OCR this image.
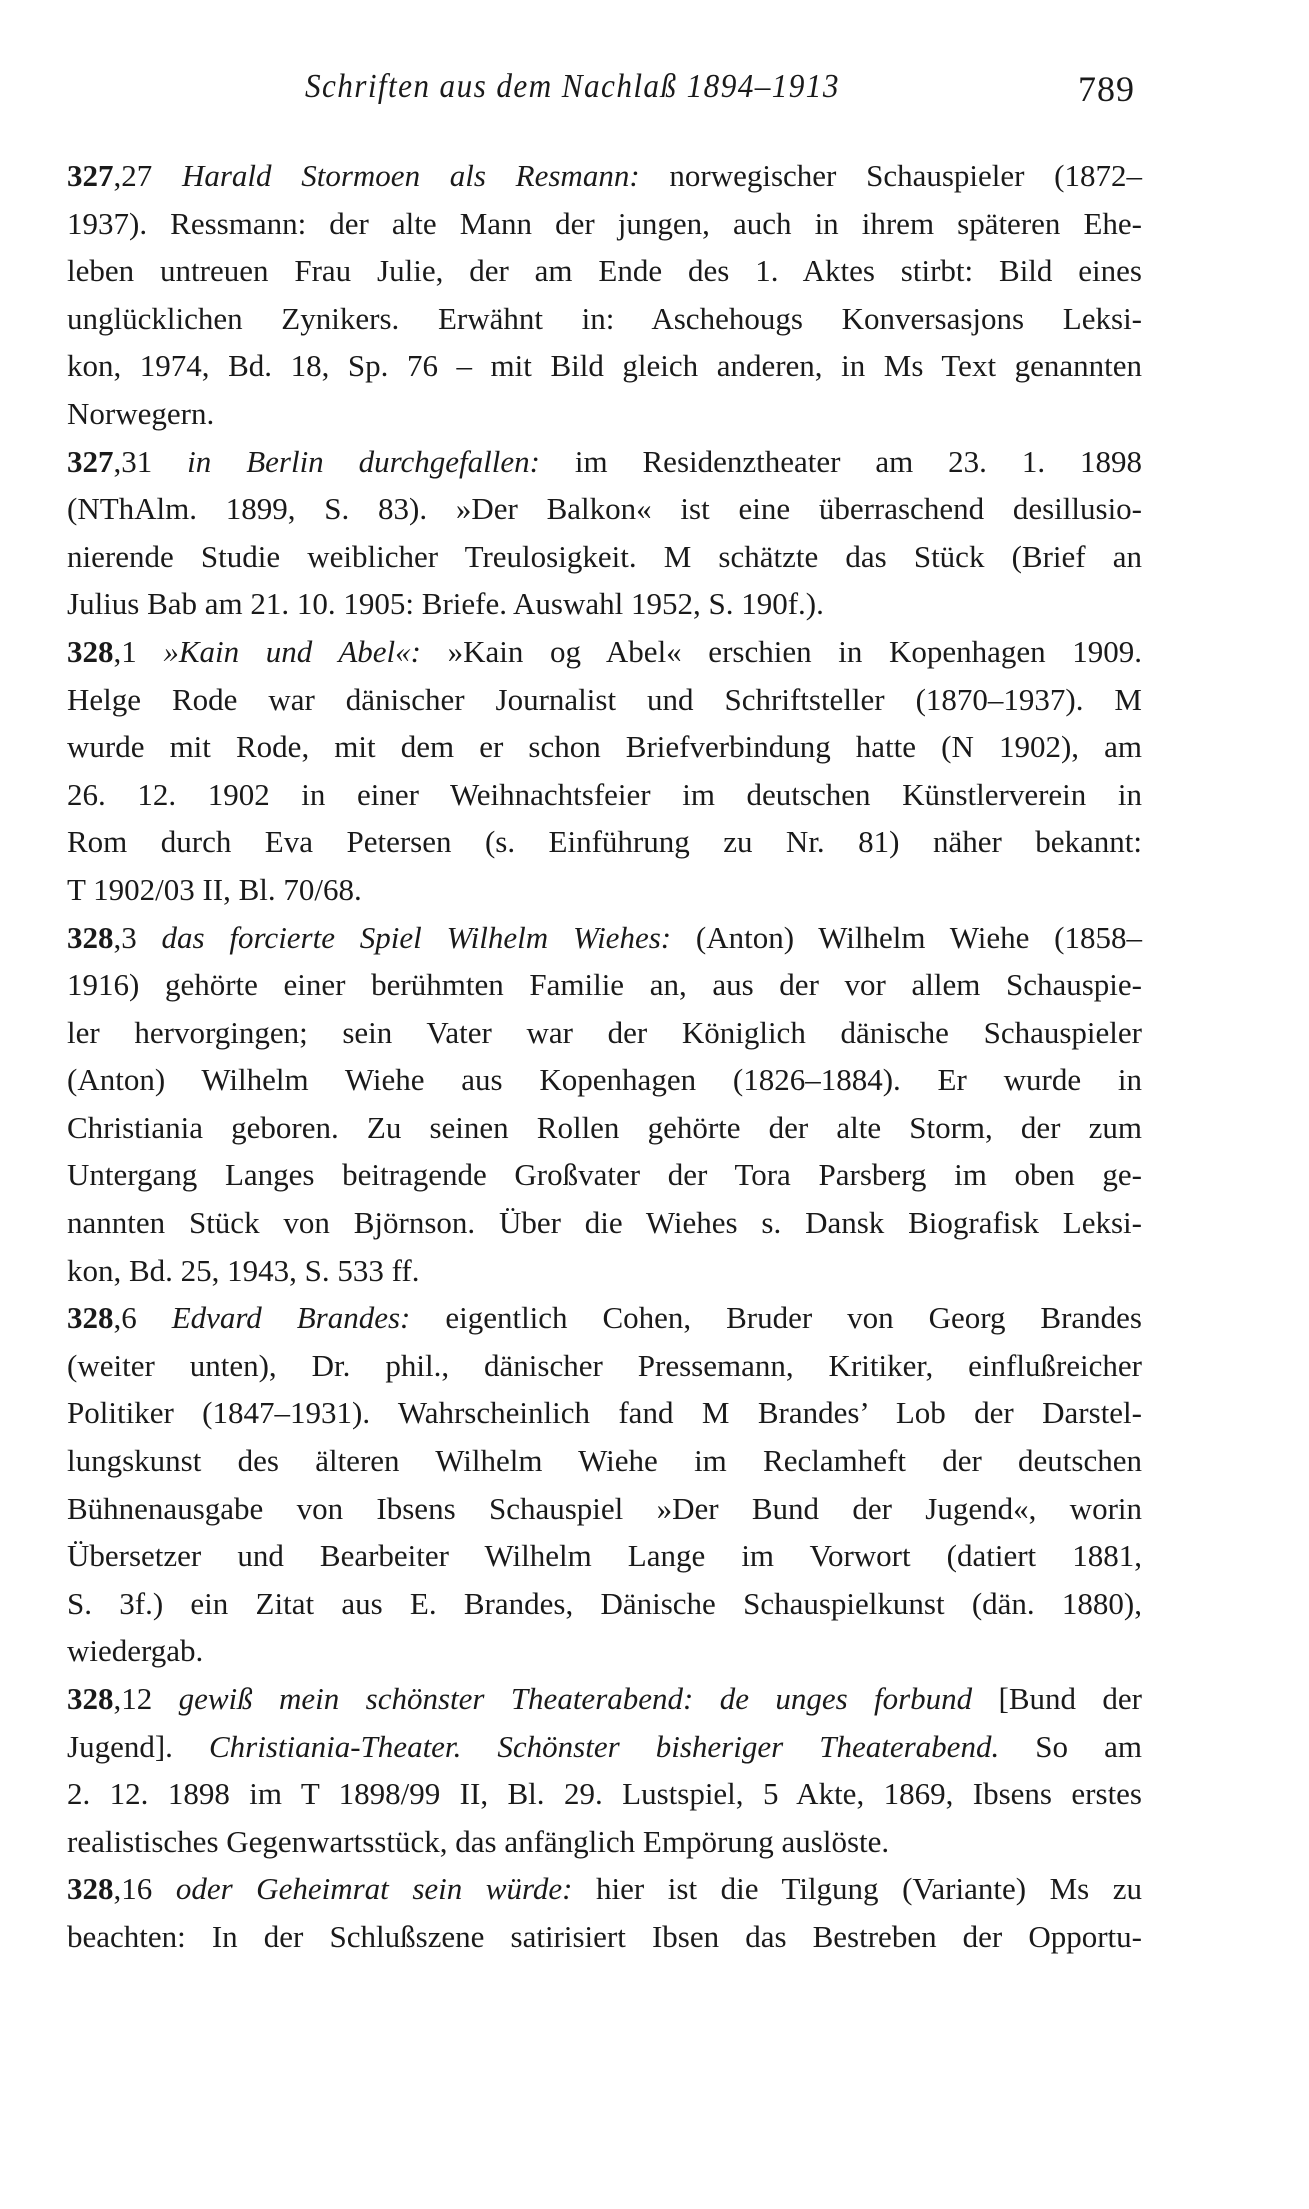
Schriften aus dem Nachlaß 1894–1913	789
327,27 Harald Stormoen als Resmann: norwegischer Schauspieler (1872–
1937). Ressmann: der alte Mann der jungen, auch in ihrem späteren Ehe-
leben untreuen Frau Julie, der am Ende des 1. Aktes stirbt: Bild eines
unglücklichen Zynikers. Erwähnt in: Aschehougs Konversasjons Leksi-
kon, 1974, Bd. 18, Sp. 76 – mit Bild gleich anderen, in Ms Text genannten
Norwegern.
327,31 in Berlin durchgefallen: im Residenztheater am 23. 1. 1898
(NThAlm. 1899, S. 83). »Der Balkon« ist eine überraschend desillusio-
nierende Studie weiblicher Treulosigkeit. M schätzte das Stück (Brief an
Julius Bab am 21. 10. 1905: Briefe. Auswahl 1952, S. 190f.).
328,1 »Kain und Abel«: »Kain og Abel« erschien in Kopenhagen 1909.
Helge Rode war dänischer Journalist und Schriftsteller (1870–1937). M
wurde mit Rode, mit dem er schon Briefverbindung hatte (N 1902), am
26. 12. 1902 in einer Weihnachtsfeier im deutschen Künstlerverein in
Rom durch Eva Petersen (s. Einführung zu Nr. 81) näher bekannt:
T 1902/03 II, Bl. 70/68.
328,3 das forcierte Spiel Wilhelm Wiehes: (Anton) Wilhelm Wiehe (1858–
1916) gehörte einer berühmten Familie an, aus der vor allem Schauspie-
ler hervorgingen; sein Vater war der Königlich dänische Schauspieler
(Anton) Wilhelm Wiehe aus Kopenhagen (1826–1884). Er wurde in
Christiania geboren. Zu seinen Rollen gehörte der alte Storm, der zum
Untergang Langes beitragende Großvater der Tora Parsberg im oben ge-
nannten Stück von Björnson. Über die Wiehes s. Dansk Biografisk Leksi-
kon, Bd. 25, 1943, S. 533 ff.
328,6 Edvard Brandes: eigentlich Cohen, Bruder von Georg Brandes
(weiter unten), Dr. phil., dänischer Pressemann, Kritiker, einflußreicher
Politiker (1847–1931). Wahrscheinlich fand M Brandes’ Lob der Darstel-
lungskunst des älteren Wilhelm Wiehe im Reclamheft der deutschen
Bühnenausgabe von Ibsens Schauspiel »Der Bund der Jugend«, worin
Übersetzer und Bearbeiter Wilhelm Lange im Vorwort (datiert 1881,
S. 3f.) ein Zitat aus E. Brandes, Dänische Schauspielkunst (dän. 1880),
wiedergab.
328,12 gewiß mein schönster Theaterabend: de unges forbund [Bund der
Jugend]. Christiania-Theater. Schönster bisheriger Theaterabend. So am
2. 12. 1898 im T 1898/99 II, Bl. 29. Lustspiel, 5 Akte, 1869, Ibsens erstes
realistisches Gegenwartsstück, das anfänglich Empörung auslöste.
328,16 oder Geheimrat sein würde: hier ist die Tilgung (Variante) Ms zu
beachten: In der Schlußszene satirisiert Ibsen das Bestreben der Opportu-
